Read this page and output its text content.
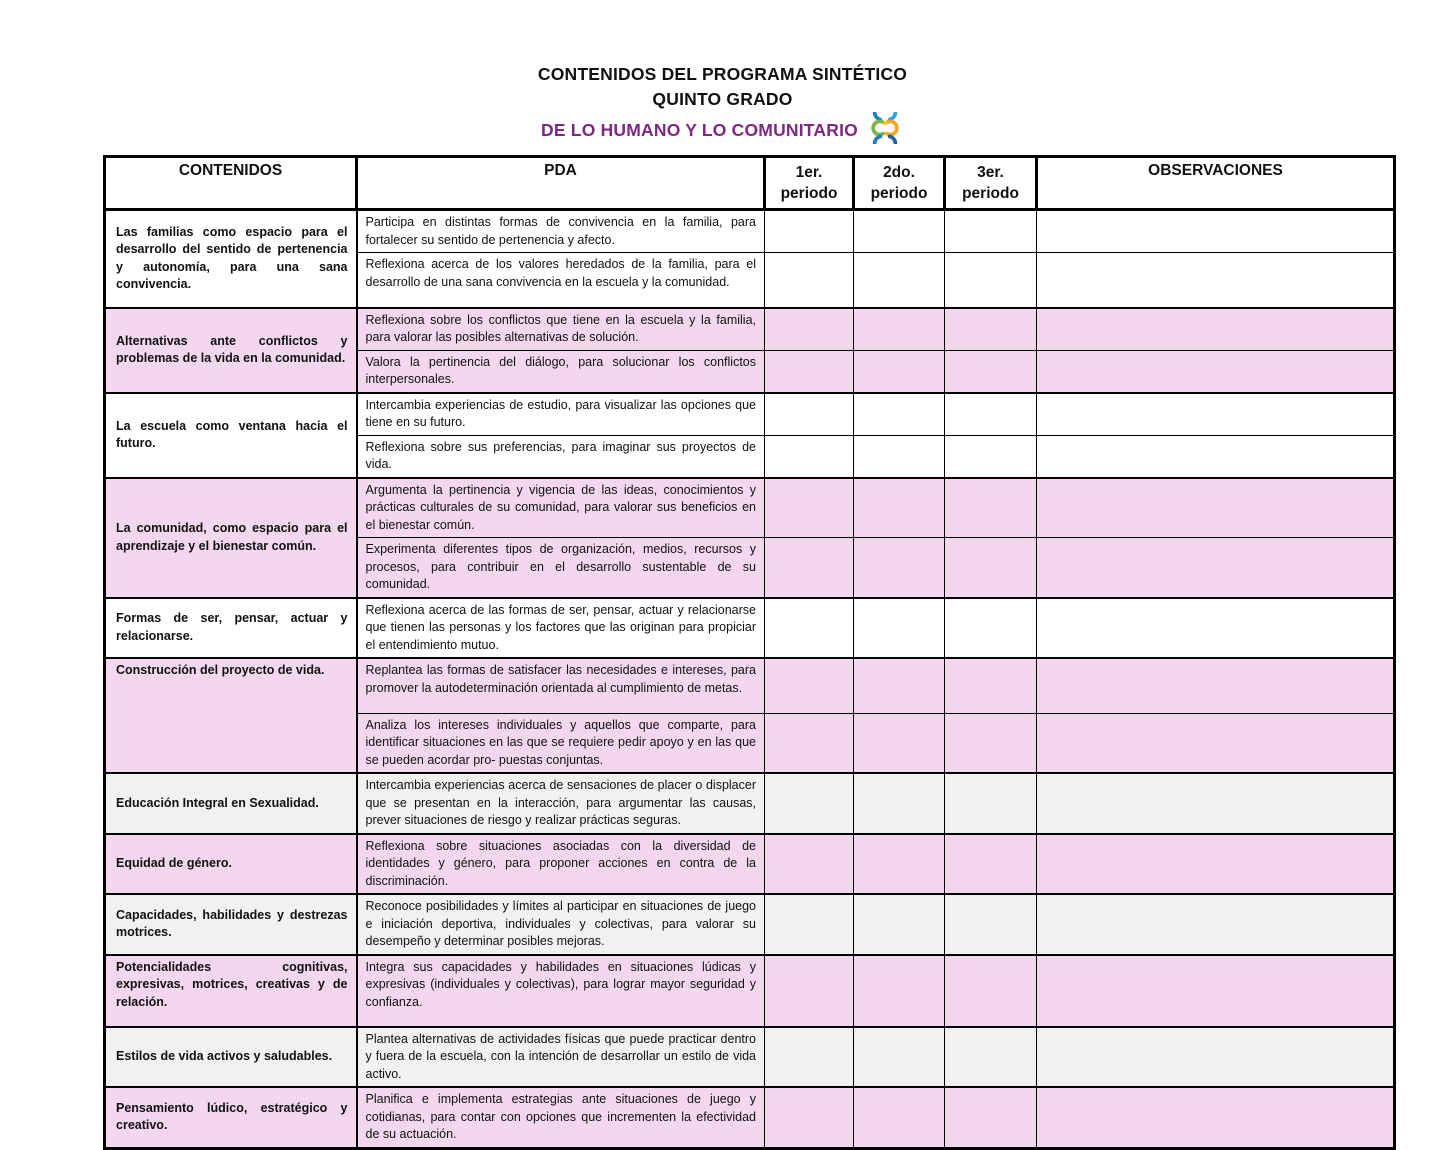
CONTENIDOS DEL PROGRAMA SINTÉTICO
QUINTO GRADO
DE LO HUMANO Y LO COMUNITARIO
CONTENIDOS	PDA	1er. periodo	2do. periodo	3er. periodo	OBSERVACIONES
Las familias como espacio para el desarrollo del sentido de pertenencia y autonomía, para una sana convivencia.	Participa en distintas formas de convivencia en la familia, para fortalecer su sentido de pertenencia y afecto.				
	Reflexiona acerca de los valores heredados de la familia, para el desarrollo de una sana convivencia en la escuela y la comunidad.				
Alternativas ante conflictos y problemas de la vida en la comunidad.	Reflexiona sobre los conflictos que tiene en la escuela y la familia, para valorar las posibles alternativas de solución.				
	Valora la pertinencia del diálogo, para solucionar los conflictos interpersonales.				
La escuela como ventana hacia el futuro.	Intercambia experiencias de estudio, para visualizar las opciones que tiene en su futuro.				
	Reflexiona sobre sus preferencias, para imaginar sus proyectos de vida.				
La comunidad, como espacio para el aprendizaje y el bienestar común.	Argumenta la pertinencia y vigencia de las ideas, conocimientos y prácticas culturales de su comunidad, para valorar sus beneficios en el bienestar común.				
	Experimenta diferentes tipos de organización, medios, recursos y procesos, para contribuir en el desarrollo sustentable de su comunidad.				
Formas de ser, pensar, actuar y relacionarse.	Reflexiona acerca de las formas de ser, pensar, actuar y relacionarse que tienen las personas y los factores que las originan para propiciar el entendimiento mutuo.				
Construcción del proyecto de vida.	Replantea las formas de satisfacer las necesidades e intereses, para promover la autodeterminación orientada al cumplimiento de metas.				
	Analiza los intereses individuales y aquellos que comparte, para identificar situaciones en las que se requiere pedir apoyo y en las que se pueden acordar pro- puestas conjuntas.				
Educación Integral en Sexualidad.	Intercambia experiencias acerca de sensaciones de placer o displacer que se presentan en la interacción, para argumentar las causas, prever situaciones de riesgo y realizar prácticas seguras.				
Equidad de género.	Reflexiona sobre situaciones asociadas con la diversidad de identidades y género, para proponer acciones en contra de la discriminación.				
Capacidades, habilidades y destrezas motrices.	Reconoce posibilidades y límites al participar en situaciones de juego e iniciación deportiva, individuales y colectivas, para valorar su desempeño y determinar posibles mejoras.				
Potencialidades cognitivas, expresivas, motrices, creativas y de relación.	Integra sus capacidades y habilidades en situaciones lúdicas y expresivas (individuales y colectivas), para lograr mayor seguridad y confianza.				
Estilos de vida activos y saludables.	Plantea alternativas de actividades físicas que puede practicar dentro y fuera de la escuela, con la intención de desarrollar un estilo de vida activo.				
Pensamiento lúdico, estratégico y creativo.	Planifica e implementa estrategias ante situaciones de juego y cotidianas, para contar con opciones que incrementen la efectividad de su actuación.				
